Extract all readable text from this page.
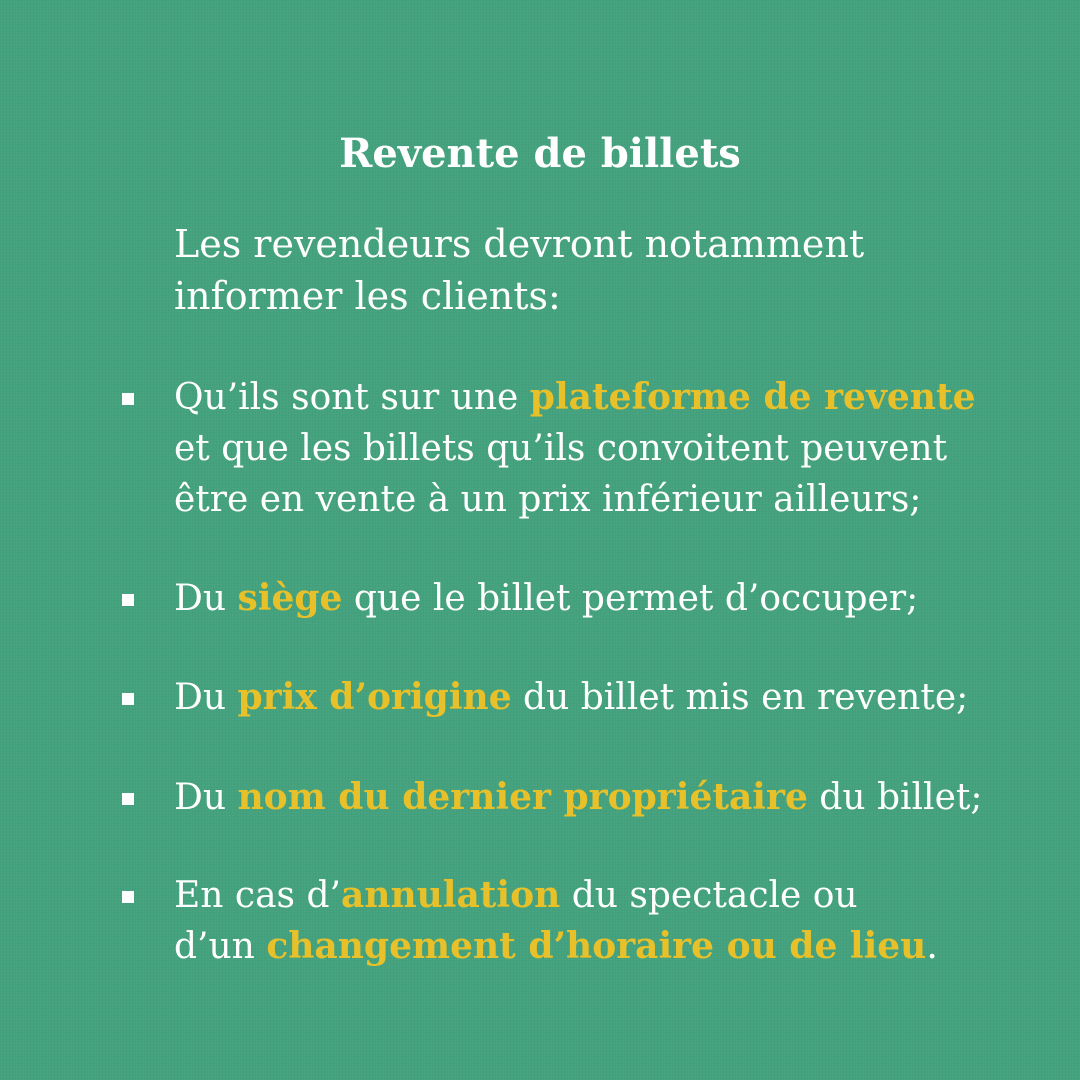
Revente de billets
Les revendeurs devront notamment
informer les clients:
Qu’ils sont sur une plateforme de revente
et que les billets qu’ils convoitent peuvent
être en vente à un prix inférieur ailleurs;
Du siège que le billet permet d’occuper;
Du prix d’origine du billet mis en revente;
Du nom du dernier propriétaire du billet;
En cas d’annulation du spectacle ou
d’un changement d’horaire ou de lieu.
